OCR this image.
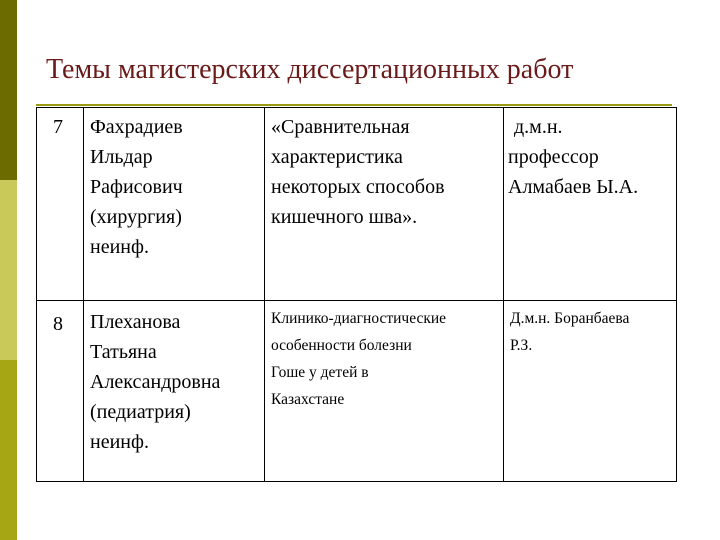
Темы магистерских диссертационных работ
7	Фахрадиев
Ильдар
Рафисович
(хирургия)
неинф.	«Сравнительная
характеристика
некоторых способов
кишечного шва».	д.м.н.
профессор
Алмабаев Ы.А.

8	Плеханова
Татьяна
Александровна
(педиатрия)
неинф.	Клинико-диагностические
особенности болезни
Гоше у детей в
Казахстане	Д.м.н. Боранбаева
Р.З.
